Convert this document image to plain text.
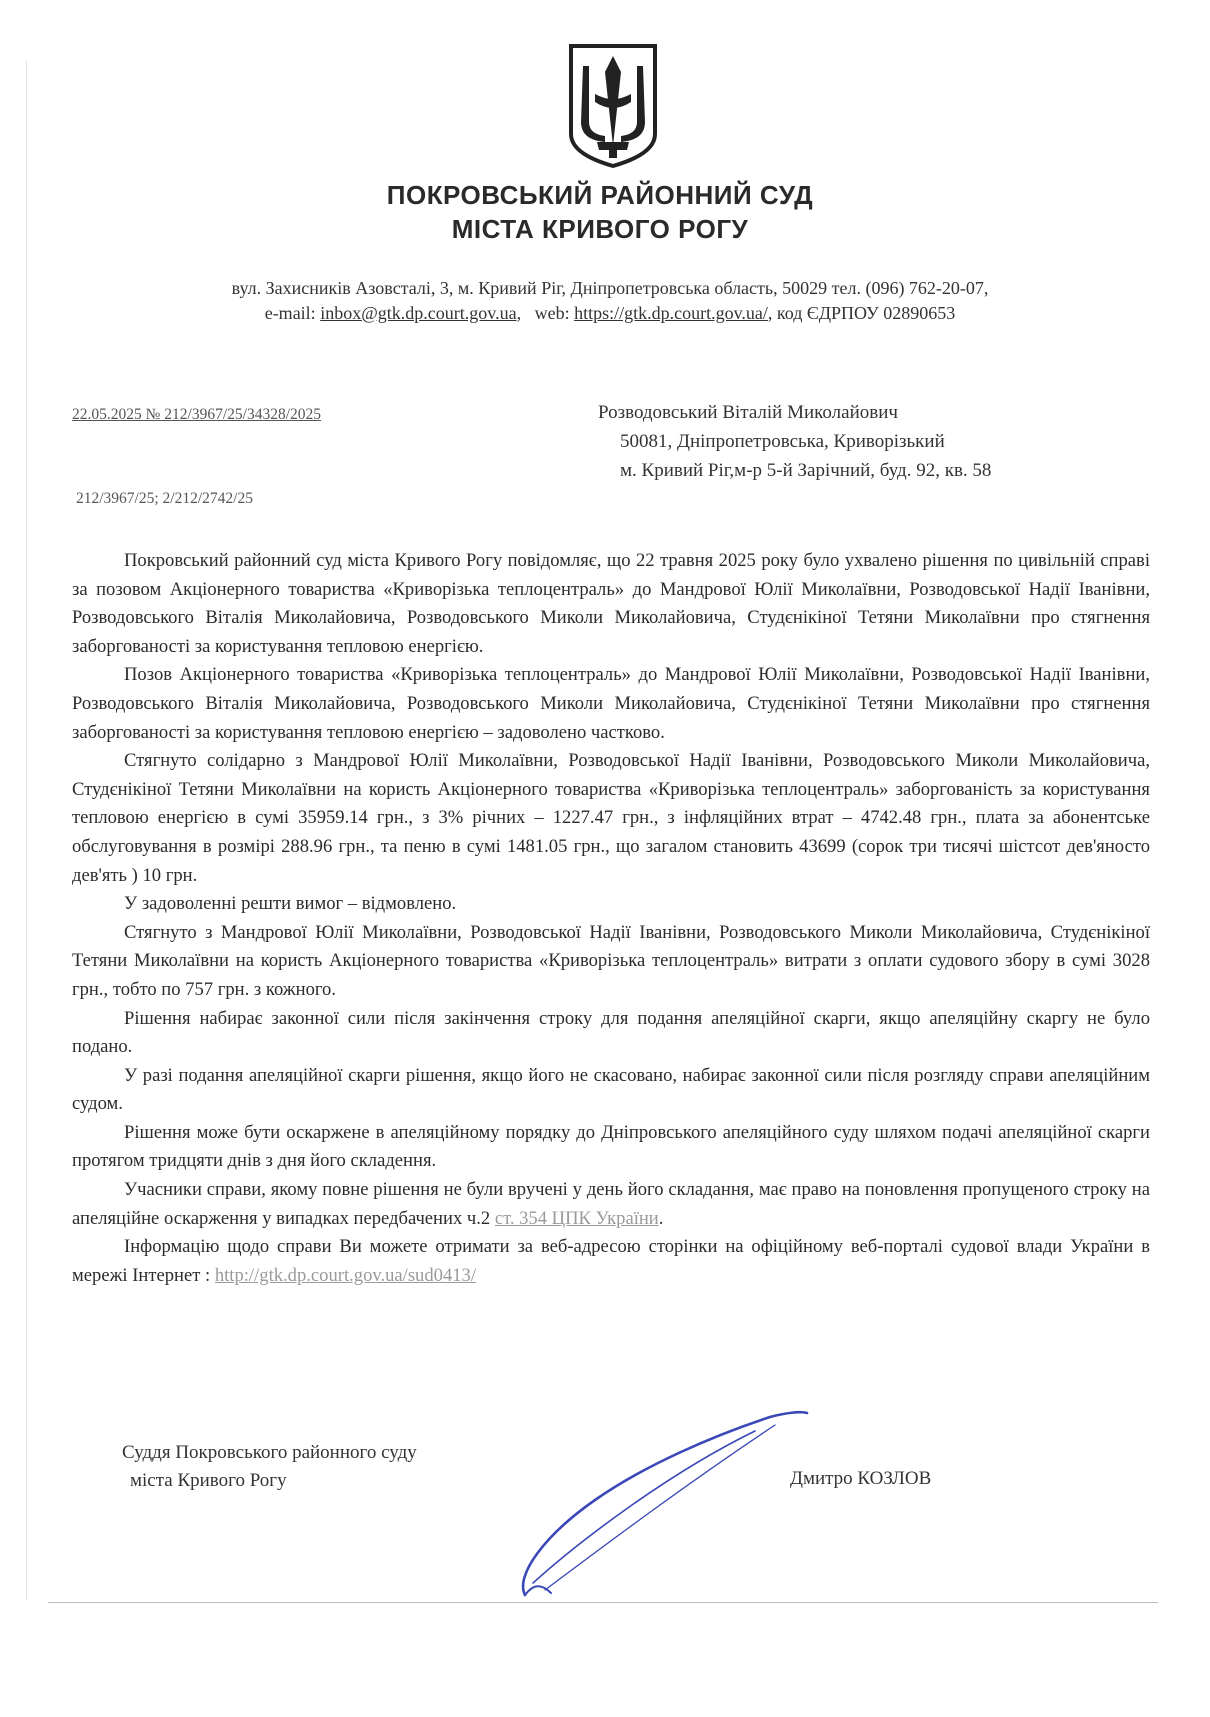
ПОКРОВСЬКИЙ РАЙОННИЙ СУД
МІСТА КРИВОГО РОГУ
вул. Захисників Азовсталі, 3, м. Кривий Ріг, Дніпропетровська область, 50029 тел. (096) 762-20-07,
e-mail: inbox@gtk.dp.court.gov.ua,   web: https://gtk.dp.court.gov.ua/, код ЄДРПОУ 02890653
22.05.2025 № 212/3967/25/34328/2025
212/3967/25; 2/212/2742/25
Розводовський Віталій Миколайович
50081, Дніпропетровська, Криворізький
м. Кривий Ріг,м-р 5-й Зарічний, буд. 92, кв. 58

Покровський районний суд міста Кривого Рогу повідомляє, що 22 травня 2025 року було ухвалено рішення по цивільній справі за позовом Акціонерного товариства «Криворізька теплоцентраль» до Мандрової Юлії Миколаївни, Розводовської Надії Іванівни, Розводовського Віталія Миколайовича, Розводовського Миколи Миколайовича, Студєнікіної Тетяни Миколаївни про стягнення заборгованості за користування тепловою енергією.

Позов Акціонерного товариства «Криворізька теплоцентраль» до Мандрової Юлії Миколаївни, Розводовської Надії Іванівни, Розводовського Віталія Миколайовича, Розводовського Миколи Миколайовича, Студєнікіної Тетяни Миколаївни про стягнення заборгованості за користування тепловою енергією – задоволено частково.

Стягнуто солідарно з Мандрової Юлії Миколаївни, Розводовської Надії Іванівни, Розводовського Миколи Миколайовича, Студєнікіної Тетяни Миколаївни на користь Акціонерного товариства «Криворізька теплоцентраль» заборгованість за користування тепловою енергією в сумі 35959.14 грн., з 3% річних – 1227.47 грн., з інфляційних втрат – 4742.48 грн., плата за абонентське обслуговування в розмірі 288.96 грн., та пеню в сумі 1481.05 грн., що загалом становить 43699 (сорок три тисячі шістсот дев'яносто дев'ять ) 10 грн.

У задоволенні решти вимог – відмовлено.

Стягнуто з Мандрової Юлії Миколаївни, Розводовської Надії Іванівни, Розводовського Миколи Миколайовича, Студєнікіної Тетяни Миколаївни на користь Акціонерного товариства «Криворізька теплоцентраль» витрати з оплати судового збору в сумі 3028 грн., тобто по 757 грн. з кожного.

Рішення набирає законної сили після закінчення строку для подання апеляційної скарги, якщо апеляційну скаргу не було подано.

У разі подання апеляційної скарги рішення, якщо його не скасовано, набирає законної сили після розгляду справи апеляційним судом.

Рішення може бути оскаржене в апеляційному порядку до Дніпровського апеляційного суду шляхом подачі апеляційної скарги протягом тридцяти днів з дня його складення.

Учасники справи, якому повне рішення не були вручені у день його складання, має право на поновлення пропущеного строку на апеляційне оскарження у випадках передбачених ч.2 ст. 354 ЦПК України.

Інформацію щодо справи Ви можете отримати за веб-адресою сторінки на офіційному веб-порталі судової влади України в мережі Інтернет : http://gtk.dp.court.gov.ua/sud0413/

Суддя Покровського районного суду
міста Кривого Рогу	Дмитро КОЗЛОВ
